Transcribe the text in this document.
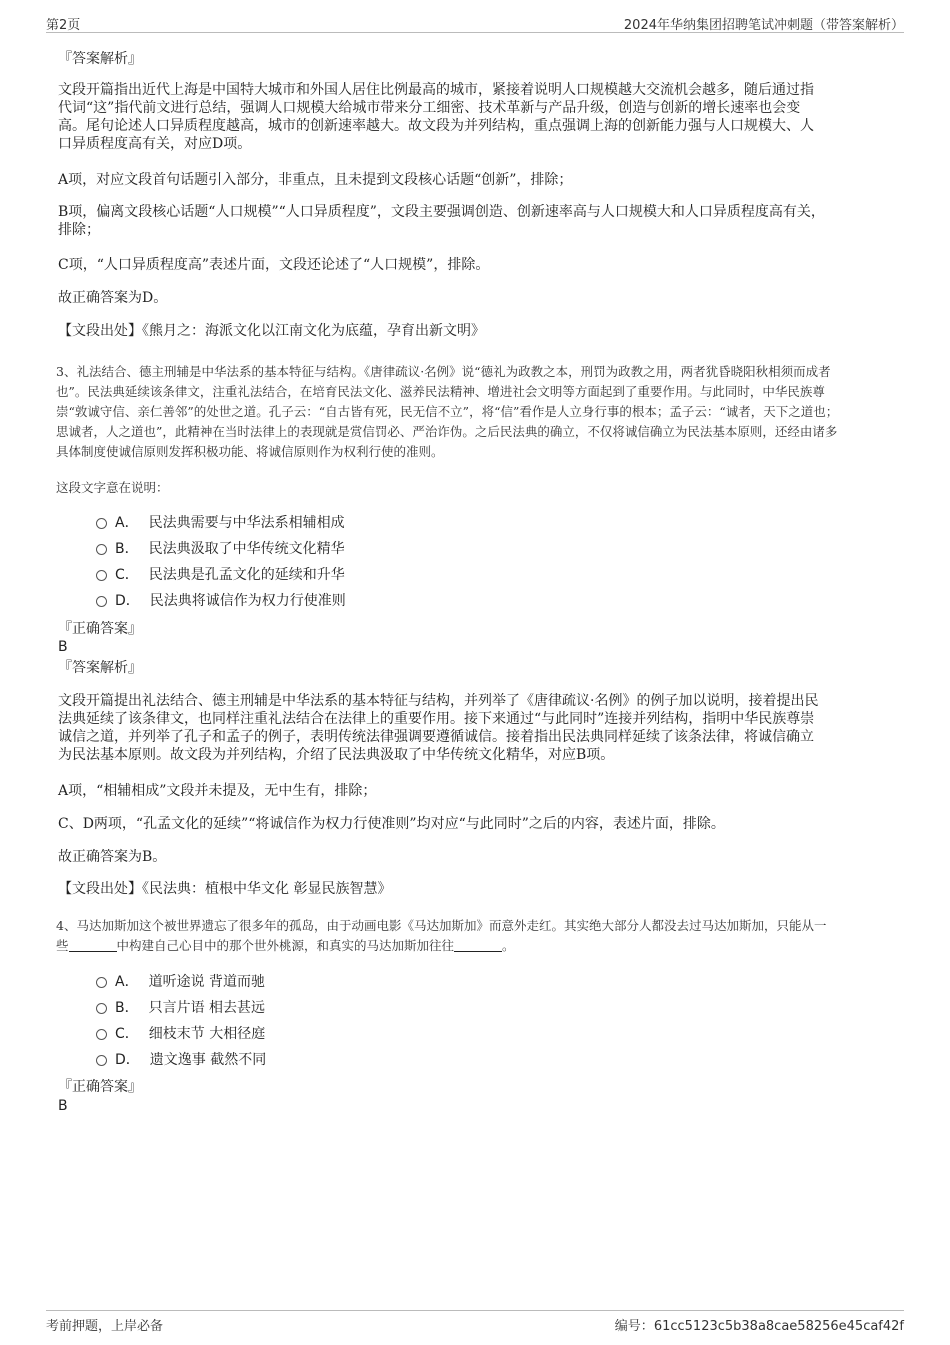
第2页	2024年华纳集团招聘笔试冲刺题（带答案解析）
『答案解析』

文段开篇指出近代上海是中国特大城市和外国人居住比例最高的城市，紧接着说明人口规模越大交流机会越多，随后通过指

代词“这”指代前文进行总结，强调人口规模大给城市带来分工细密、技术革新与产品升级，创造与创新的增长速率也会变

高。尾句论述人口异质程度越高，城市的创新速率越大。故文段为并列结构，重点强调上海的创新能力强与人口规模大、人

口异质程度高有关，对应D项。

A项，对应文段首句话题引入部分，非重点，且未提到文段核心话题“创新”，排除；

B项，偏离文段核心话题“人口规模”“人口异质程度”，文段主要强调创造、创新速率高与人口规模大和人口异质程度高有关，

排除；

C项，“人口异质程度高”表述片面，文段还论述了“人口规模”，排除。
故正确答案为D。
【文段出处】《熊月之：海派文化以江南文化为底蕴，孕育出新文明》

3、礼法结合、德主刑辅是中华法系的基本特征与结构。《唐律疏议·名例》说“德礼为政教之本，刑罚为政教之用，两者犹昏晓阳秋相须而成者

也”。民法典延续该条律文，注重礼法结合，在培育民法文化、滋养民法精神、增进社会文明等方面起到了重要作用。与此同时，中华民族尊

崇“敦诚守信、亲仁善邻”的处世之道。孔子云：“自古皆有死，民无信不立”，将“信”看作是人立身行事的根本；孟子云：“诚者，天下之道也；

思诚者，人之道也”，此精神在当时法律上的表现就是赏信罚必、严治诈伪。之后民法典的确立，不仅将诚信确立为民法基本原则，还经由诸多

具体制度使诚信原则发挥积极功能、将诚信原则作为权利行使的准则。

这段文字意在说明：
A． 民法典需要与中华法系相辅相成
B． 民法典汲取了中华传统文化精华
C． 民法典是孔孟文化的延续和升华
D． 民法典将诚信作为权力行使准则
『正确答案』
B
『答案解析』

文段开篇提出礼法结合、德主刑辅是中华法系的基本特征与结构，并列举了《唐律疏议·名例》的例子加以说明，接着提出民

法典延续了该条律文，也同样注重礼法结合在法律上的重要作用。接下来通过“与此同时”连接并列结构，指明中华民族尊崇

诚信之道，并列举了孔子和孟子的例子，表明传统法律强调要遵循诚信。接着指出民法典同样延续了该条法律，将诚信确立

为民法基本原则。故文段为并列结构，介绍了民法典汲取了中华传统文化精华，对应B项。

A项，“相辅相成”文段并未提及，无中生有，排除；
C、D两项，“孔孟文化的延续”“将诚信作为权力行使准则”均对应“与此同时”之后的内容，表述片面，排除。
故正确答案为B。
【文段出处】《民法典：植根中华文化 彰显民族智慧》

4、马达加斯加这个被世界遗忘了很多年的孤岛，由于动画电影《马达加斯加》而意外走红。其实绝大部分人都没去过马达加斯加，只能从一

些	中构建自己心目中的那个世外桃源，和真实的马达加斯加往往	。

A． 道听途说 背道而驰
B． 只言片语 相去甚远
C． 细枝末节 大相径庭
D． 遗文逸事 截然不同
『正确答案』
B
考前押题，上岸必备	编号：61cc5123c5b38a8cae58256e45caf42f
